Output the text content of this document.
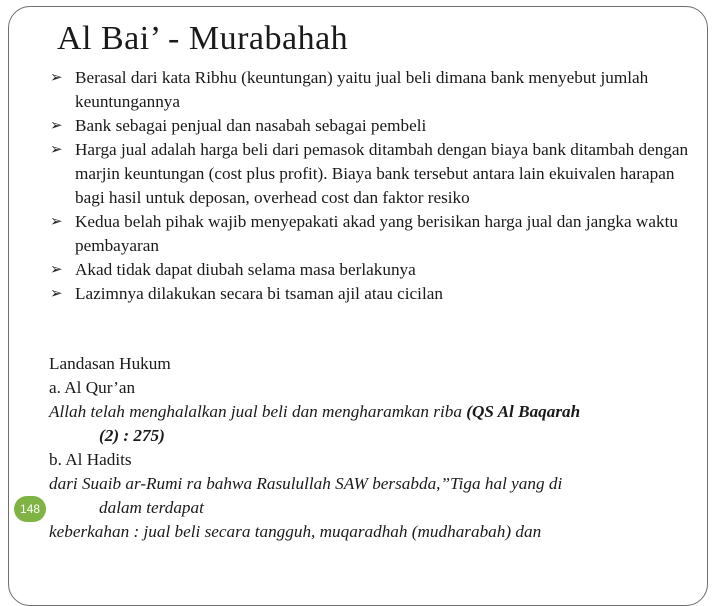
Al Bai’ - Murabahah
➢ Berasal dari kata Ribhu (keuntungan) yaitu jual beli dimana bank menyebut jumlah keuntungannya
➢ Bank sebagai penjual dan nasabah sebagai pembeli
➢ Harga jual adalah harga beli dari pemasok ditambah dengan biaya bank ditambah dengan marjin keuntungan (cost plus profit). Biaya bank tersebut antara lain ekuivalen harapan bagi hasil untuk deposan, overhead cost dan faktor resiko
➢ Kedua belah pihak wajib menyepakati akad yang berisikan harga jual dan jangka waktu pembayaran
➢ Akad tidak dapat diubah selama masa berlakunya
➢ Lazimnya dilakukan secara bi tsaman ajil atau cicilan

Landasan Hukum

a. Al Qur’an

Allah telah menghalalkan jual beli dan mengharamkan riba (QS Al Baqarah

(2) : 275)

b. Al Hadits

dari Suaib ar-Rumi ra bahwa Rasulullah SAW bersabda,”Tiga hal yang di

dalam terdapat

keberkahan : jual beli secara tangguh, muqaradhah (mudharabah) dan

148
